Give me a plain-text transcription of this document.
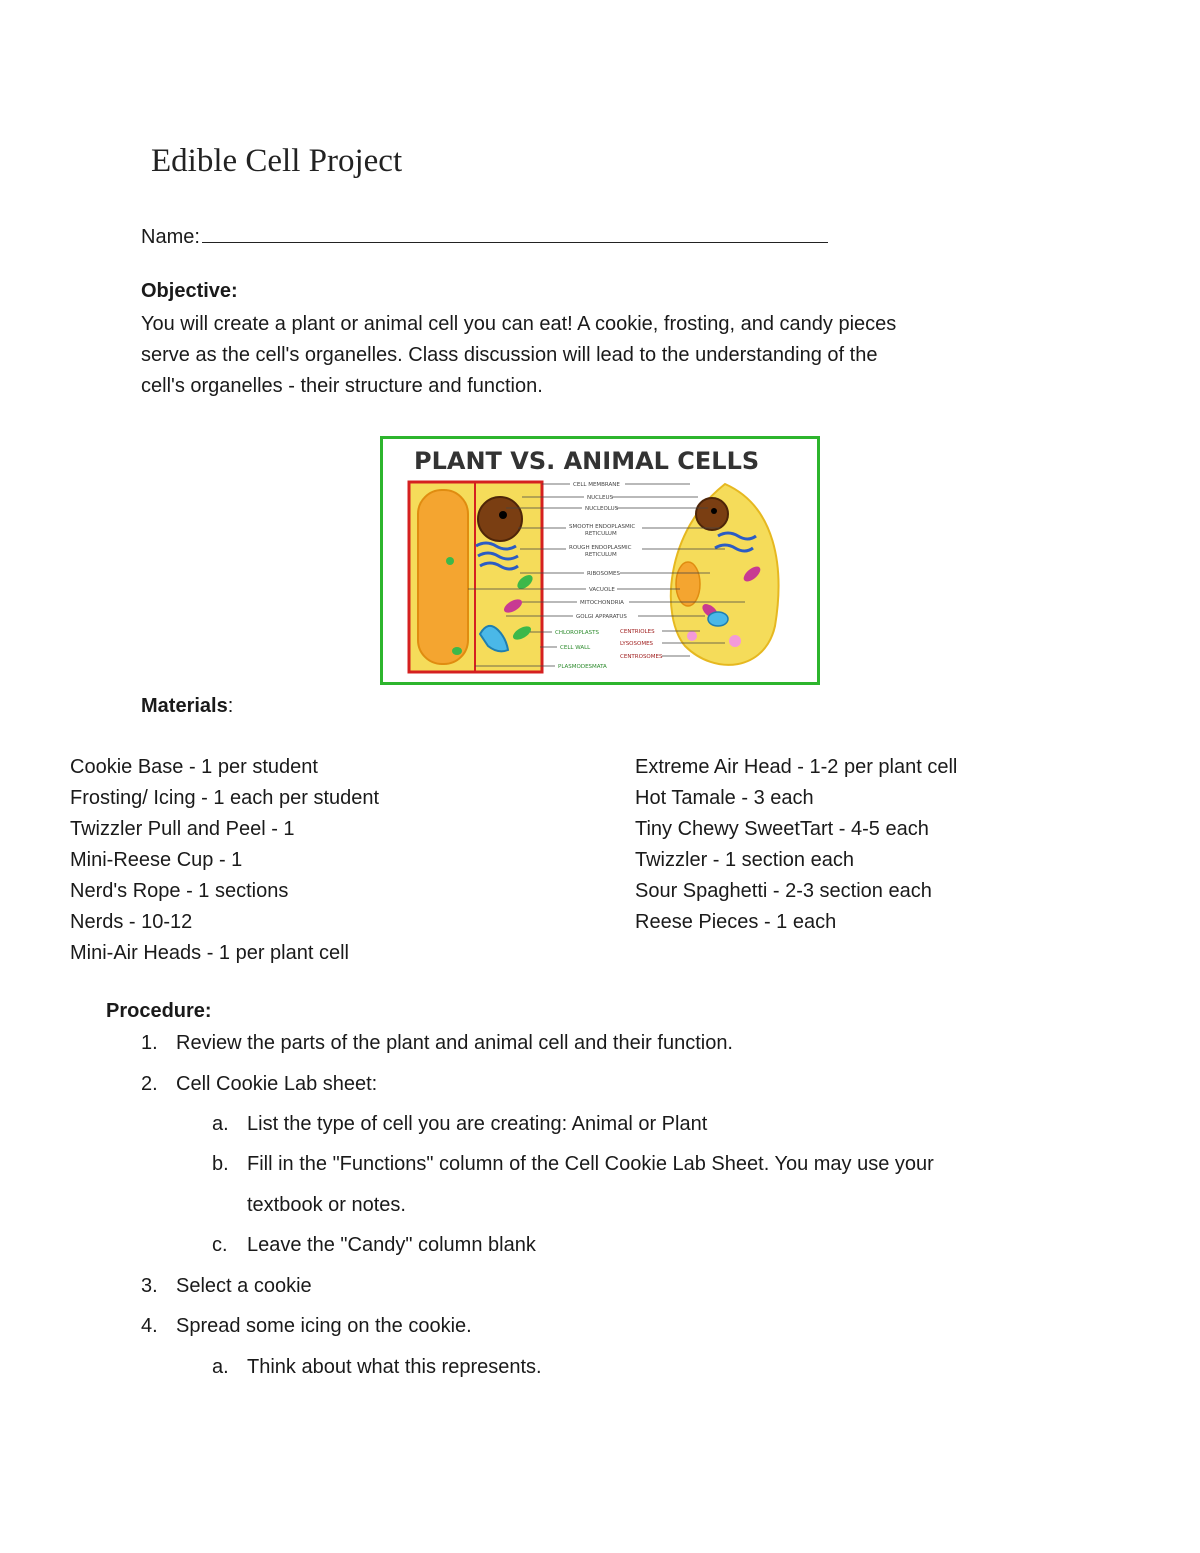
Edible Cell Project
Name:
Objective:
You will create a plant or animal cell you can eat! A cookie, frosting, and candy pieces
serve as the cell's organelles. Class discussion will lead to the understanding of the
cell's organelles - their structure and function.
PLANT VS. ANIMAL CELLS
CELL MEMBRANE
NUCLEUS
NUCLEOLUS
SMOOTH ENDOPLASMIC
RETICULUM
ROUGH ENDOPLASMIC
RETICULUM
RIBOSOMES
VACUOLE
MITOCHONDRIA
GOLGI APPARATUS
CHLOROPLASTS
CELL WALL
PLASMODESMATA
CENTRIOLES
LYSOSOMES
CENTROSOMES
Materials:
Cookie Base - 1 per student
Frosting/ Icing - 1 each per student
Twizzler Pull and Peel - 1
Mini-Reese Cup - 1
Nerd's Rope - 1 sections
Nerds - 10-12
Mini-Air Heads - 1 per plant cell
Extreme Air Head - 1-2 per plant cell
Hot Tamale - 3 each
Tiny Chewy SweetTart - 4-5 each
Twizzler - 1 section each
Sour Spaghetti - 2-3 section each
Reese Pieces - 1 each
Procedure:
1. Review the parts of the plant and animal cell and their function.
2. Cell Cookie Lab sheet:
a. List the type of cell you are creating: Animal or Plant
b. Fill in the "Functions" column of the Cell Cookie Lab Sheet. You may use your
textbook or notes.
c. Leave the "Candy" column blank
3. Select a cookie
4. Spread some icing on the cookie.
a. Think about what this represents.
